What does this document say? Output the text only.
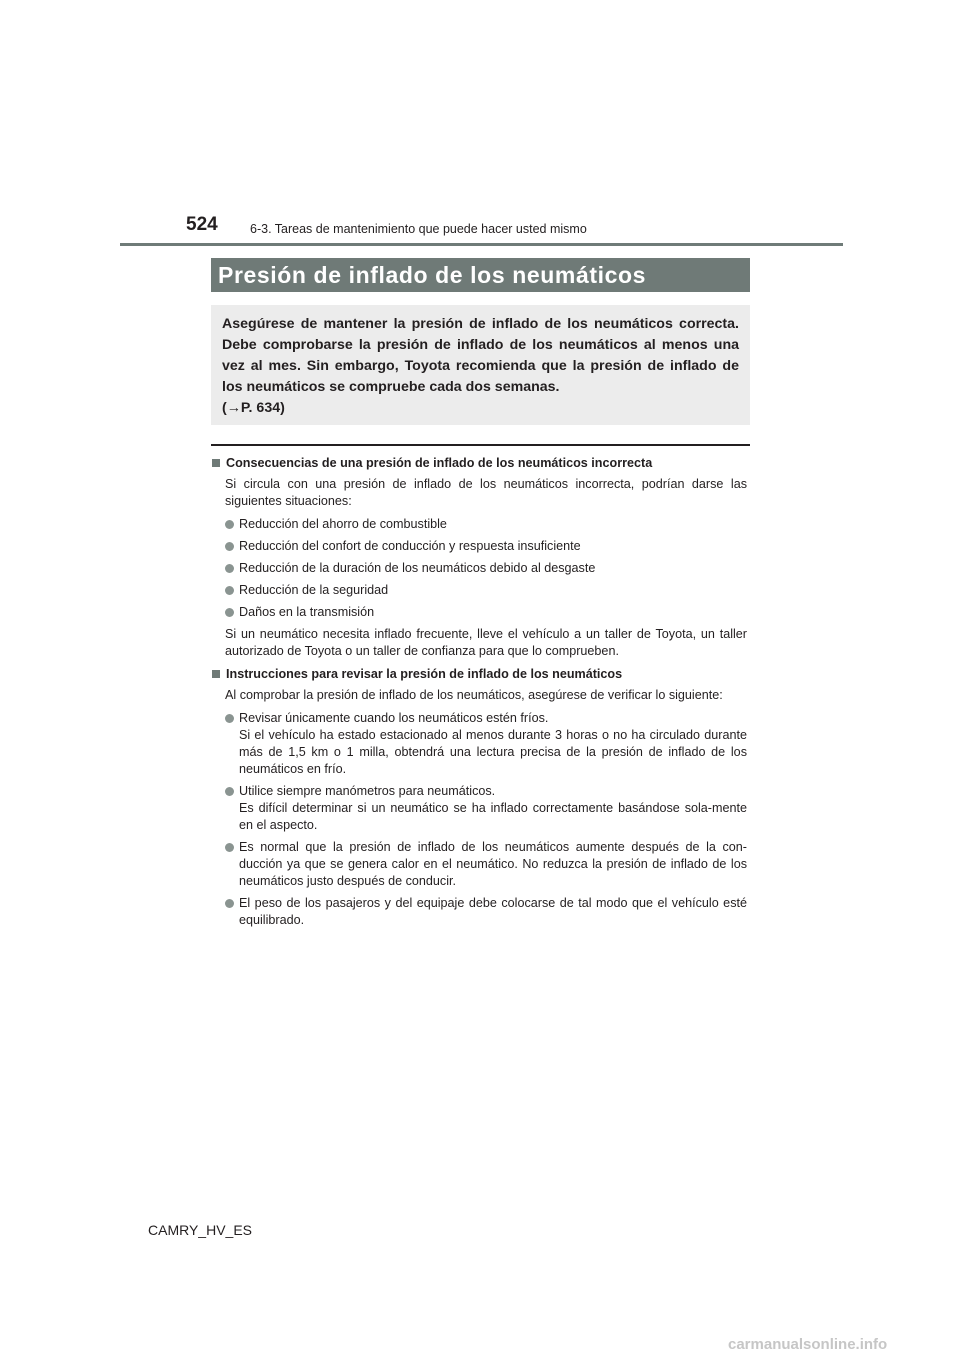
524	6-3. Tareas de mantenimiento que puede hacer usted mismo
Presión de inflado de los neumáticos

Asegúrese de mantener la presión de inflado de los neumáticos correcta. Debe comprobarse la presión de inflado de los neumáticos al menos una vez al mes. Sin embargo, Toyota recomienda que la presión de inflado de los neumáticos se compruebe cada dos semanas.

(→P. 634)

Consecuencias de una presión de inflado de los neumáticos incorrecta

Si circula con una presión de inflado de los neumáticos incorrecta, podrían darse las siguientes situaciones:

Reducción del ahorro de combustible
Reducción del confort de conducción y respuesta insuficiente
Reducción de la duración de los neumáticos debido al desgaste
Reducción de la seguridad
Daños en la transmisión

Si un neumático necesita inflado frecuente, lleve el vehículo a un taller de Toyota, un taller autorizado de Toyota o un taller de confianza para que lo comprueben.

Instrucciones para revisar la presión de inflado de los neumáticos

Al comprobar la presión de inflado de los neumáticos, asegúrese de verificar lo siguiente:

Revisar únicamente cuando los neumáticos estén fríos.

Si el vehículo ha estado estacionado al menos durante 3 horas o no ha circulado durante más de 1,5 km o 1 milla, obtendrá una lectura precisa de la presión de inflado de los neumáticos en frío.

Utilice siempre manómetros para neumáticos.

Es difícil determinar si un neumático se ha inflado correctamente basándose sola-mente en el aspecto.

Es normal que la presión de inflado de los neumáticos aumente después de la con-ducción ya que se genera calor en el neumático. No reduzca la presión de inflado de los neumáticos justo después de conducir.

El peso de los pasajeros y del equipaje debe colocarse de tal modo que el vehículo esté equilibrado.

CAMRY_HV_ES
carmanualsonline.info
